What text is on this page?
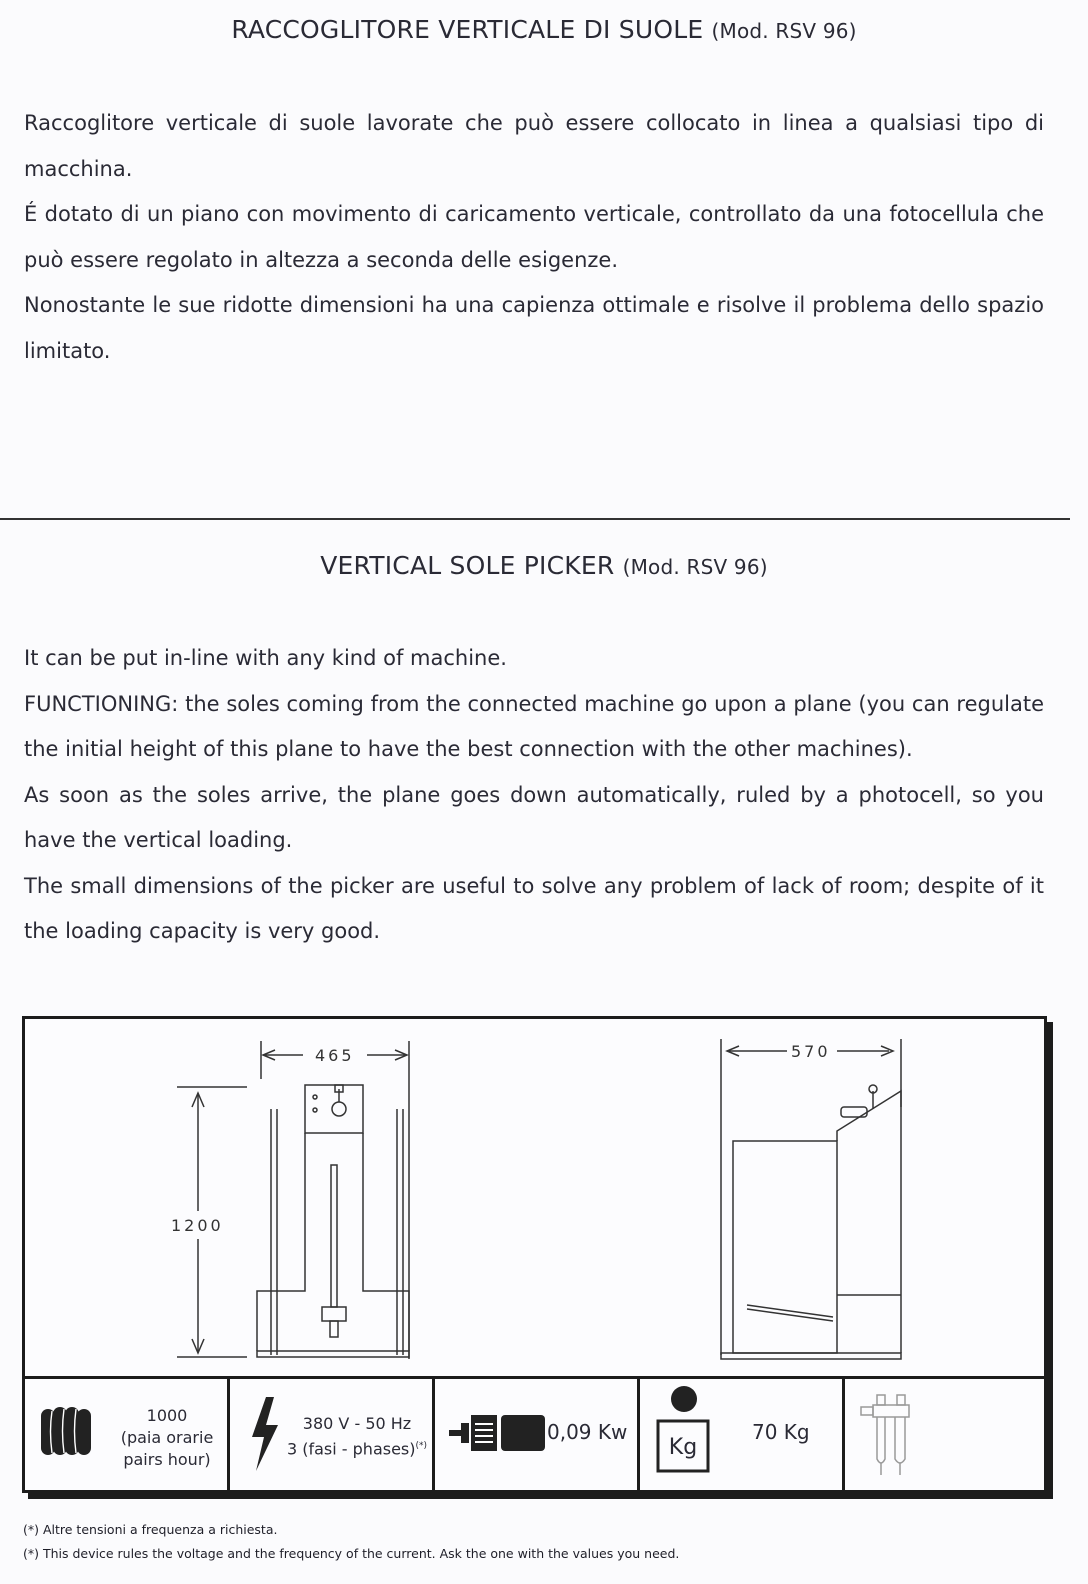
RACCOGLITORE VERTICALE DI SUOLE (Mod. RSV 96)

Raccoglitore verticale di suole lavorate che può essere collocato in linea a qualsiasi tipo di macchina.

É dotato di un piano con movimento di caricamento verticale, controllato da una fotocellula che può essere regolato in altezza a seconda delle esigenze.

Nonostante le sue ridotte dimensioni ha una capienza ottimale e risolve il problema dello spazio limitato.

VERTICAL SOLE PICKER (Mod. RSV 96)

It can be put in-line with any kind of machine.

FUNCTIONING: the soles coming from the connected machine go upon a plane (you can regulate the initial height of this plane to have the best connection with the other machines).

As soon as the soles arrive, the plane goes down automatically, ruled by a photocell, so you have the vertical loading.

The small dimensions of the picker are useful to solve any problem of lack of room; despite of it the loading capacity is very good.

465
1200
570
1000
(paia orarie
pairs hour)
380 V - 50 Hz
3 (fasi - phases)(*)
0,09 Kw
Kg
70 Kg
(*) Altre tensioni a frequenza a richiesta.
(*) This device rules the voltage and the frequency of the current. Ask the one with the values you need.
